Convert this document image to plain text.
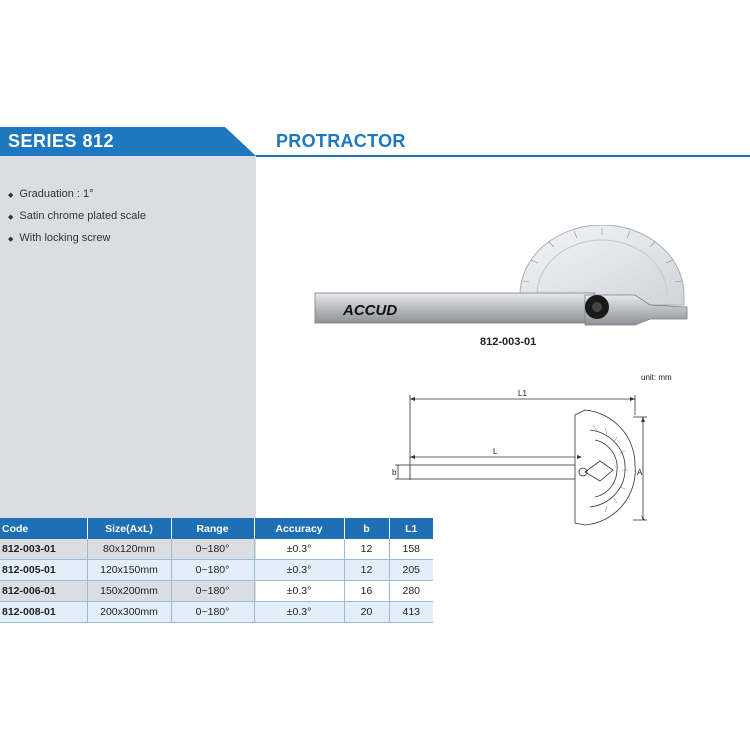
SERIES 812	PROTRACTOR
◆ Graduation : 1°
◆ Satin chrome plated scale
◆ With locking screw
ACCUD
812-003-01
unit: mm
L1
L
b	A
Code	Size(AxL)	Range	Accuracy	b	L1
812-003-01	80x120mm	0~180°	±0.3°	12	158
812-005-01	120x150mm	0~180°	±0.3°	12	205
812-006-01	150x200mm	0~180°	±0.3°	16	280
812-008-01	200x300mm	0~180°	±0.3°	20	413
